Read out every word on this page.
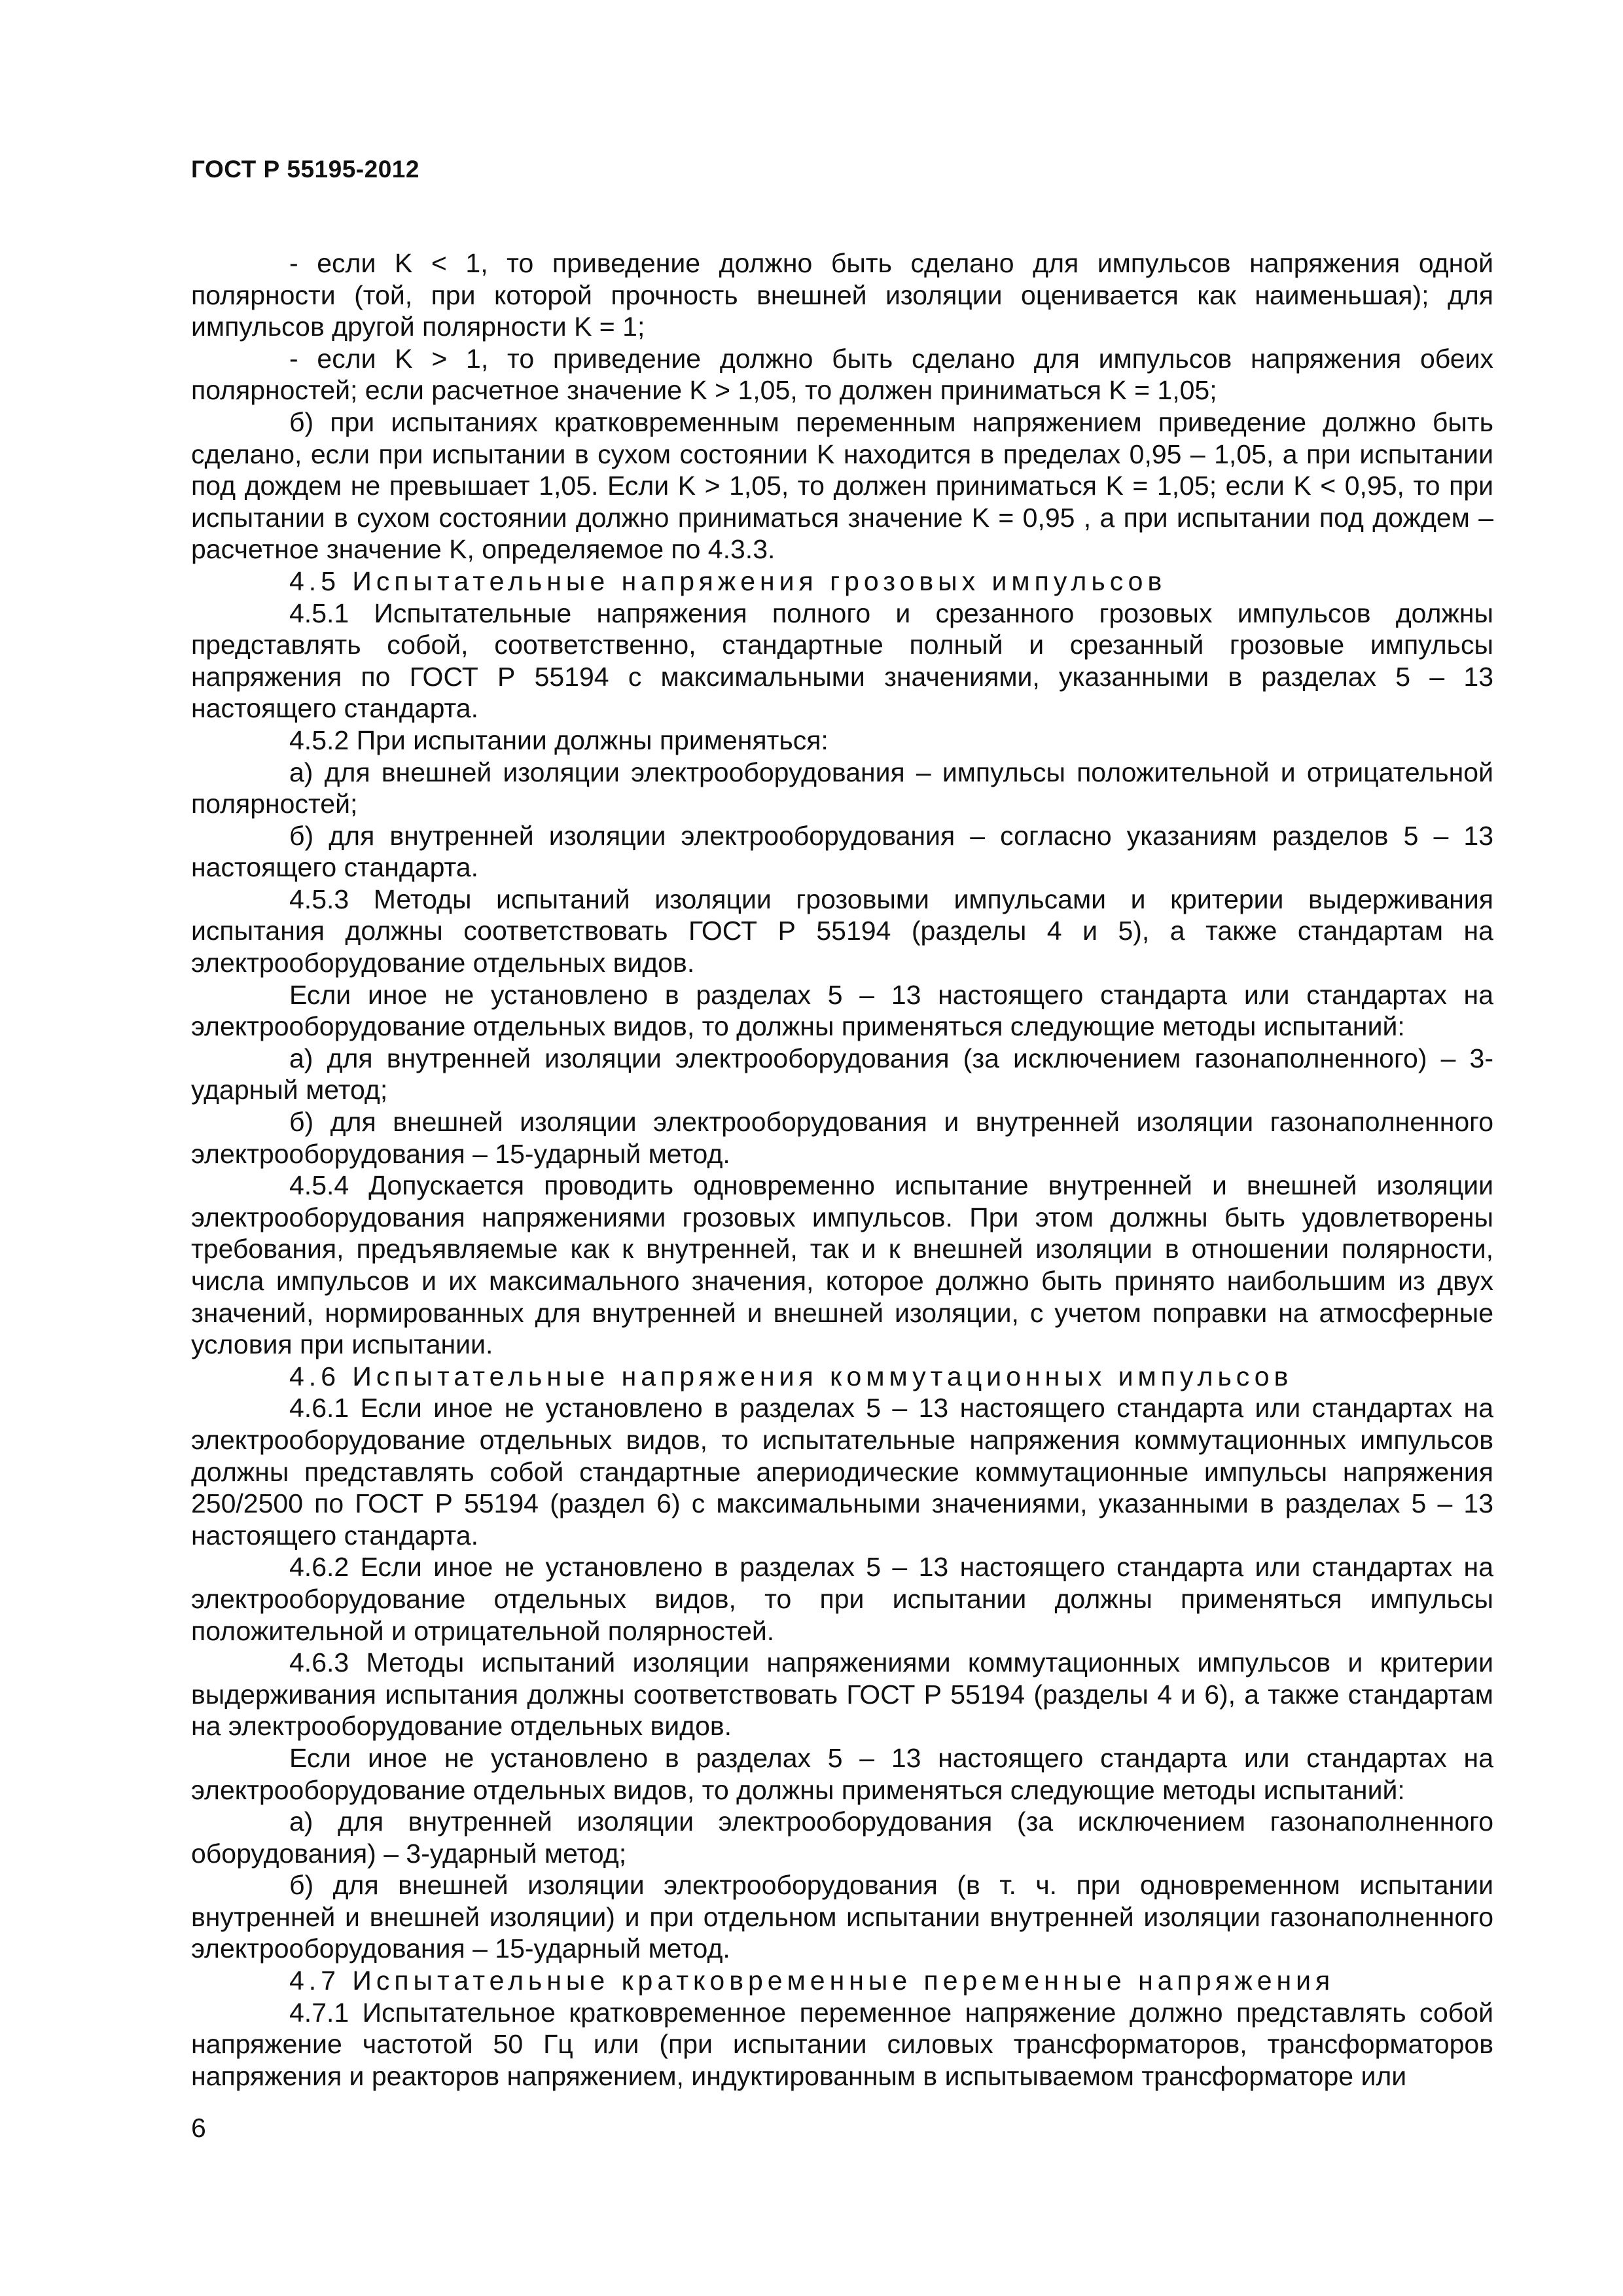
ГОСТ Р 55195-2012

- если K < 1, то приведение должно быть сделано для импульсов напряжения одной полярности (той, при которой прочность внешней изоляции оценивается как наименьшая); для импульсов другой полярности K = 1;

- если K > 1, то приведение должно быть сделано для импульсов напряжения обеих полярностей; если расчетное значение K > 1,05, то должен приниматься K = 1,05;

б) при испытаниях кратковременным переменным напряжением приведение должно быть сделано, если при испытании в сухом состоянии K находится в пределах 0,95 – 1,05, а при испытании под дождем не превышает 1,05. Если K > 1,05, то должен приниматься K = 1,05; если K < 0,95, то при испытании в сухом состоянии должно приниматься значение K = 0,95 , а при испытании под дождем – расчетное значение K, определяемое по 4.3.3.

4.5 Испытательные напряжения грозовых импульсов

4.5.1 Испытательные напряжения полного и срезанного грозовых импульсов должны представлять собой, соответственно, стандартные полный и срезанный грозовые импульсы напряжения по ГОСТ Р 55194 с максимальными значениями, указанными в разделах 5 – 13 настоящего стандарта.

4.5.2 При испытании должны применяться:

а) для внешней изоляции электрооборудования – импульсы положительной и отрицательной полярностей;

б) для внутренней изоляции электрооборудования – согласно указаниям разделов 5 – 13 настоящего стандарта.

4.5.3 Методы испытаний изоляции грозовыми импульсами и критерии выдерживания испытания должны соответствовать ГОСТ Р 55194 (разделы 4 и 5), а также стандартам на электрооборудование отдельных видов.

Если иное не установлено в разделах 5 – 13 настоящего стандарта или стандартах на электрооборудование отдельных видов, то должны применяться следующие методы испытаний:

а) для внутренней изоляции электрооборудования (за исключением газонаполненного) – 3-ударный метод;

б) для внешней изоляции электрооборудования и внутренней изоляции газонаполненного электрооборудования – 15-ударный метод.

4.5.4 Допускается проводить одновременно испытание внутренней и внешней изоляции электрооборудования напряжениями грозовых импульсов. При этом должны быть удовлетворены требования, предъявляемые как к внутренней, так и к внешней изоляции в отношении полярности, числа импульсов и их максимального значения, которое должно быть принято наибольшим из двух значений, нормированных для внутренней и внешней изоляции, с учетом поправки на атмосферные условия при испытании.

4.6 Испытательные напряжения коммутационных импульсов

4.6.1 Если иное не установлено в разделах 5 – 13 настоящего стандарта или стандартах на электрооборудование отдельных видов, то испытательные напряжения коммутационных импульсов должны представлять собой стандартные апериодические коммутационные импульсы напряжения 250/2500 по ГОСТ Р 55194 (раздел 6) с максимальными значениями, указанными в разделах 5 – 13 настоящего стандарта.

4.6.2 Если иное не установлено в разделах 5 – 13 настоящего стандарта или стандартах на электрооборудование отдельных видов, то при испытании должны применяться импульсы положительной и отрицательной полярностей.

4.6.3 Методы испытаний изоляции напряжениями коммутационных импульсов и критерии выдерживания испытания должны соответствовать ГОСТ Р 55194 (разделы 4 и 6), а также стандартам на электрооборудование отдельных видов.

Если иное не установлено в разделах 5 – 13 настоящего стандарта или стандартах на электрооборудование отдельных видов, то должны применяться следующие методы испытаний:

а) для внутренней изоляции электрооборудования (за исключением газонаполненного оборудования) – 3-ударный метод;

б) для внешней изоляции электрооборудования (в т. ч. при одновременном испытании внутренней и внешней изоляции) и при отдельном испытании внутренней изоляции газонаполненного электрооборудования – 15-ударный метод.

4.7 Испытательные кратковременные переменные напряжения

4.7.1 Испытательное кратковременное переменное напряжение должно представлять собой напряжение частотой 50 Гц или (при испытании силовых трансформаторов, трансформаторов напряжения и реакторов напряжением, индуктированным в испытываемом трансформаторе или

6
